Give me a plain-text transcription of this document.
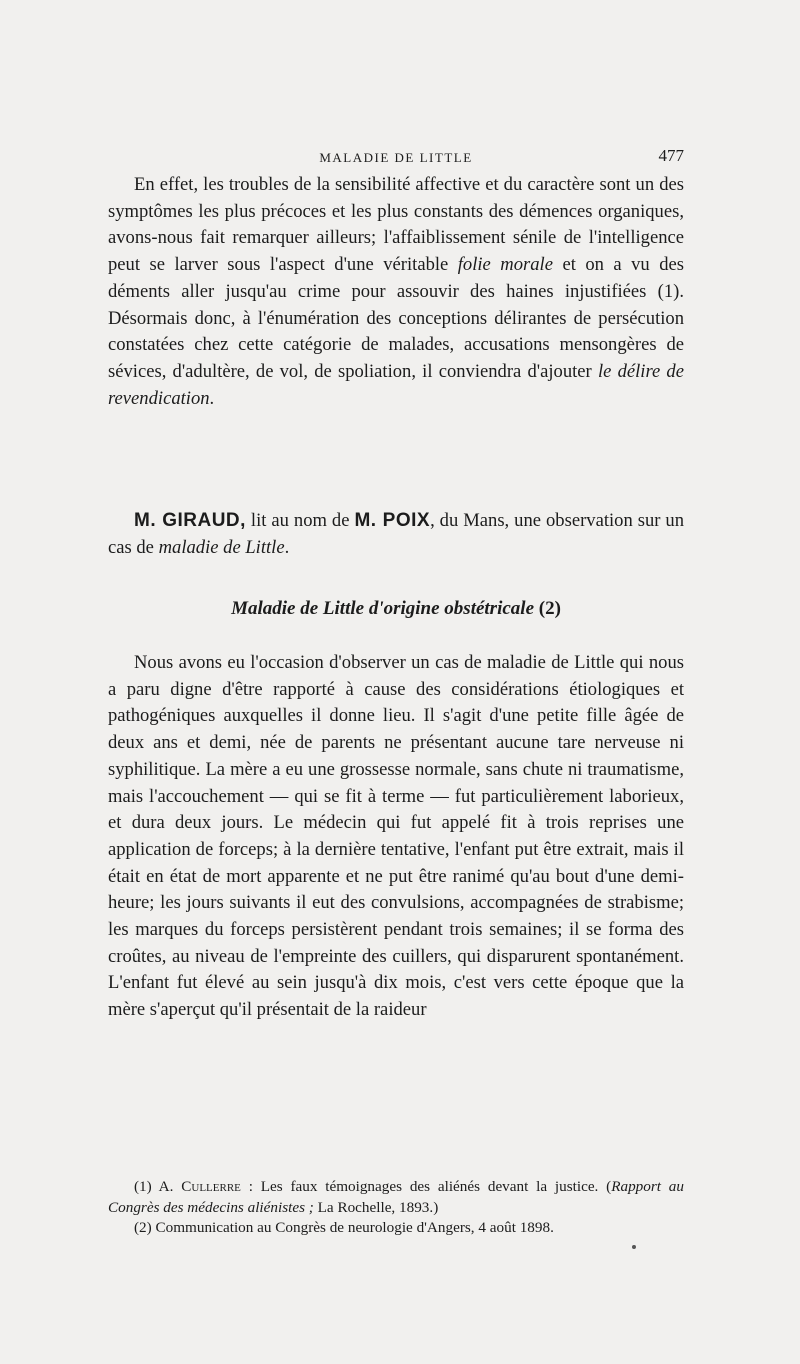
MALADIE DE LITTLE	477

En effet, les troubles de la sensibilité affective et du caractère sont un des symptômes les plus précoces et les plus constants des démences organiques, avons-nous fait remarquer ailleurs; l'affaiblissement sénile de l'intelligence peut se larver sous l'aspect d'une véritable folie morale et on a vu des déments aller jusqu'au crime pour assouvir des haines injustifiées (1). Désormais donc, à l'énumération des conceptions délirantes de persécution constatées chez cette catégorie de malades, accusations mensongères de sévices, d'adultère, de vol, de spoliation, il conviendra d'ajouter le délire de revendication.

M. GIRAUD, lit au nom de M. POIX, du Mans, une observation sur un cas de maladie de Little.

Maladie de Little d'origine obstétricale (2)

Nous avons eu l'occasion d'observer un cas de maladie de Little qui nous a paru digne d'être rapporté à cause des considérations étiologiques et pathogéniques auxquelles il donne lieu. Il s'agit d'une petite fille âgée de deux ans et demi, née de parents ne présentant aucune tare nerveuse ni syphilitique. La mère a eu une grossesse normale, sans chute ni traumatisme, mais l'accouchement — qui se fit à terme — fut particulièrement laborieux, et dura deux jours. Le médecin qui fut appelé fit à trois reprises une application de forceps; à la dernière tentative, l'enfant put être extrait, mais il était en état de mort apparente et ne put être ranimé qu'au bout d'une demi-heure; les jours suivants il eut des convulsions, accompagnées de strabisme; les marques du forceps persistèrent pendant trois semaines; il se forma des croûtes, au niveau de l'empreinte des cuillers, qui disparurent spontanément. L'enfant fut élevé au sein jusqu'à dix mois, c'est vers cette époque que la mère s'aperçut qu'il présentait de la raideur

(1) A. Cullerre : Les faux témoignages des aliénés devant la justice. (Rapport au Congrès des médecins aliénistes ; La Rochelle, 1893.)

(2) Communication au Congrès de neurologie d'Angers, 4 août 1898.
